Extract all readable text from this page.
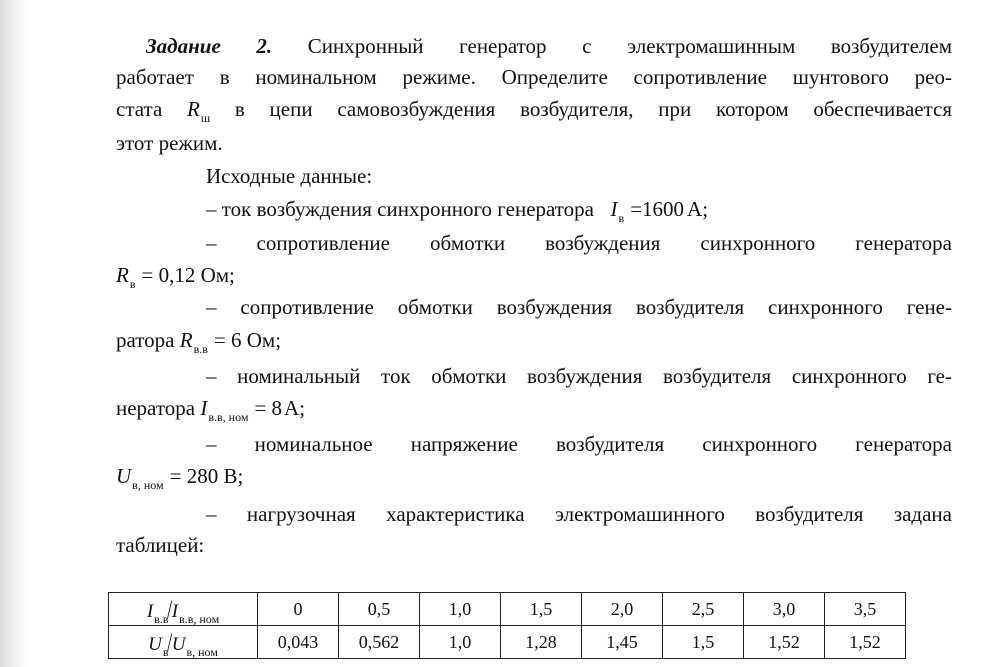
Задание 2. Синхронный генератор с электромашинным возбудителем
работает в номинальном режиме. Определите сопротивление шунтового рео-
стата $R_ш$ в цепи самовозбуждения возбудителя, при котором обеспечивается
этот режим.
Исходные данные:
– ток возбуждения синхронного генератора $I_в =1600$ А;
– сопротивление обмотки возбуждения синхронного генератора
$R_в = 0,12$ Ом;
– сопротивление обмотки возбуждения возбудителя синхронного гене-
ратора $R_{в.в} = 6$ Ом;
– номинальный ток обмотки возбуждения возбудителя синхронного ге-
нератора $I_{в.в, ном} = 8А$;
– номинальное напряжение возбудителя синхронного генератора
$U_{в, ном} = 280$ В;
– нагрузочная характеристика электромашинного возбудителя задана
таблицей:
$I_{в.в}/I_{в.в, ном}$	0	0,5	1,0	1,5	2,0	2,5	3,0	3,5
$U_в/U_{в, ном}$	0,043	0,562	1,0	1,28	1,45	1,5	1,52	1,52
